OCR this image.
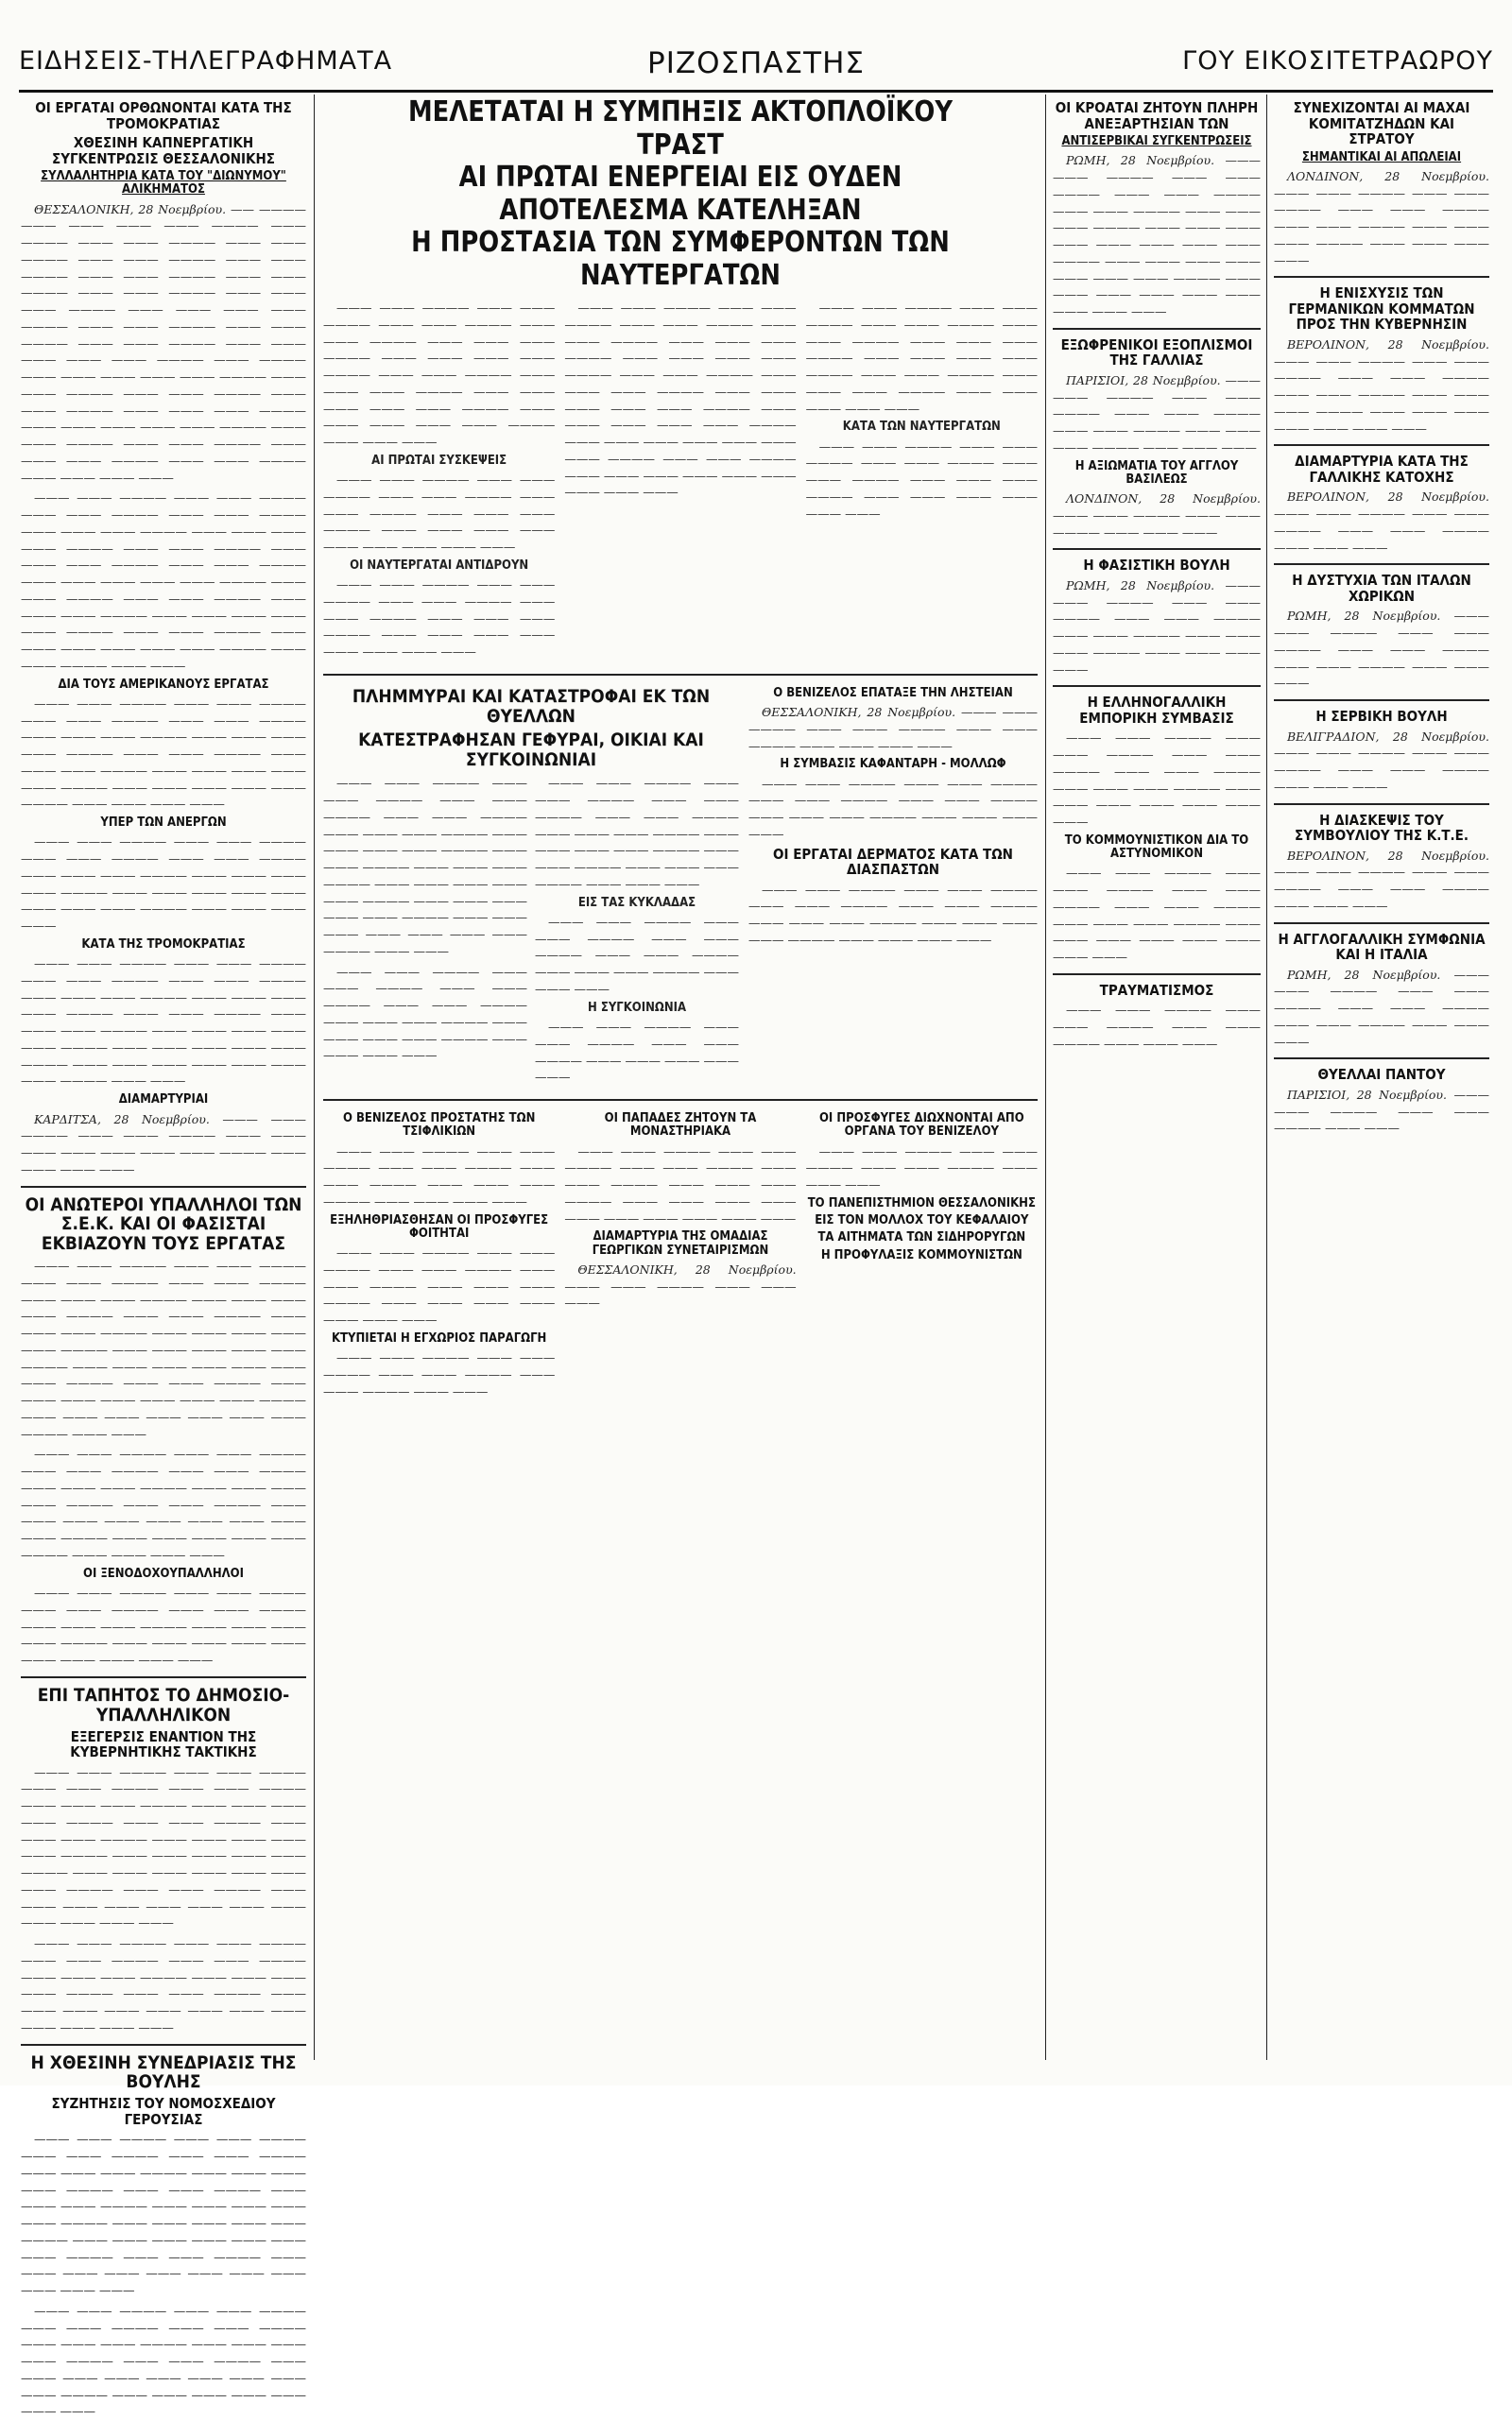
ΕΙΔΗΣΕΙΣ-ΤΗΛΕΓΡΑΦΗΜΑΤΑ	ΡΙΖΟΣΠΑΣΤΗΣ	ΓΟΥ ΕΙΚΟΣΙΤΕΤΡΑΩΡΟΥ
ΟΙ ΕΡΓΑΤΑΙ ΟΡΘΩΝΟΝΤΑΙ ΚΑΤΑ ΤΗΣ ΤΡΟΜΟΚΡΑΤΙΑΣ
ΧΘΕΣΙΝΗ ΚΑΠΝΕΡΓΑΤΙΚΗ ΣΥΓΚΕΝΤΡΩΣΙΣ ΘΕΣΣΑΛΟΝΙΚΗΣ
ΣΥΛΛΑΛΗΤΗΡΙΑ ΚΑΤΑ ΤΟΥ "ΔΙΩΝΥΜΟΥ" ΑΛΙΚΗΜΑΤΟΣ

ΘΕΣΣΑΛΟΝΙΚΗ, 28 Νοεμβρίου. —— ———— ——— ——— ——— ——— ———— ——— ———— ——— ——— ———— ——— ——— ———— ——— ——— ———— ——— ——— ———— ——— ——— ———— ——— ——— ———— ——— ——— ———— ——— ——— ——— ———— ——— ——— ——— ——— ———— ——— ——— ———— ——— ——— ———— ——— ——— ———— ——— ——— ——— ——— ——— ———— ——— ———— ——— ——— ——— ——— ——— ———— ——— ——— ———— ——— ——— ———— ——— ——— ———— ——— ——— ——— ———— ——— ——— ——— ——— ——— ———— ——— ——— ———— ——— ——— ———— ——— ——— ——— ———— ——— ——— ———— ——— ——— ——— ———

——— ——— ———— ——— ——— ———— ——— ——— ———— ——— ——— ———— ——— ——— ——— ———— ——— ——— ——— ——— ———— ——— ——— ———— ——— ——— ——— ———— ——— ——— ———— ——— ——— ——— ——— ——— ———— ——— ——— ———— ——— ——— ———— ——— ——— ——— ———— ——— ——— ——— ——— ——— ———— ——— ——— ———— ——— ——— ——— ——— ——— ——— ———— ——— ——— ———— ——— ———

ΔΙΑ ΤΟΥΣ ΑΜΕΡΙΚΑΝΟΥΣ ΕΡΓΑΤΑΣ

——— ——— ———— ——— ——— ———— ——— ——— ———— ——— ——— ———— ——— ——— ——— ———— ——— ——— ——— ——— ———— ——— ——— ———— ——— ——— ——— ———— ——— ——— ——— ——— ——— ———— ——— ——— ——— ——— ——— ———— ——— ——— ——— ———

ΥΠΕΡ ΤΩΝ ΑΝΕΡΓΩΝ

——— ——— ———— ——— ——— ———— ——— ——— ———— ——— ——— ———— ——— ——— ——— ———— ——— ——— ——— ——— ———— ——— ——— ——— ——— ——— ——— ——— ——— ———— ——— ——— ——— ———

ΚΑΤΑ ΤΗΣ ΤΡΟΜΟΚΡΑΤΙΑΣ

——— ——— ———— ——— ——— ———— ——— ——— ———— ——— ——— ———— ——— ——— ——— ———— ——— ——— ——— ——— ———— ——— ——— ———— ——— ——— ——— ———— ——— ——— ——— ——— ——— ———— ——— ——— ——— ——— ——— ———— ——— ——— ——— ——— ——— ——— ——— ———— ——— ———

ΔΙΑΜΑΡΤΥΡΙΑΙ

ΚΑΡΔΙΤΣΑ, 28 Νοεμβρίου. ——— ——— ———— ——— ——— ———— ——— ——— ——— ——— ——— ——— ——— ———— ——— ——— ——— ———

ΟΙ ΑΝΩΤΕΡΟΙ ΥΠΑΛΛΗΛΟΙ ΤΩΝ Σ.Ε.Κ. ΚΑΙ ΟΙ ΦΑΣΙΣΤΑΙ ΕΚΒΙΑΖΟΥΝ ΤΟΥΣ ΕΡΓΑΤΑΣ

——— ——— ———— ——— ——— ———— ——— ——— ———— ——— ——— ———— ——— ——— ——— ———— ——— ——— ——— ——— ———— ——— ——— ———— ——— ——— ——— ———— ——— ——— ——— ——— ——— ———— ——— ——— ——— ——— ——— ———— ——— ——— ——— ——— ——— ——— ——— ———— ——— ——— ———— ——— ——— ——— ——— ——— ——— ——— ———— ——— ——— ——— ——— ——— ——— ——— ———— ——— ———

——— ——— ———— ——— ——— ———— ——— ——— ———— ——— ——— ———— ——— ——— ——— ———— ——— ——— ——— ——— ———— ——— ——— ———— ——— ——— ——— ——— ——— ——— ——— ——— ——— ———— ——— ——— ——— ——— ——— ———— ——— ——— ——— ———

ΟΙ ΞΕΝΟΔΟΧΟΥΠΑΛΛΗΛΟΙ

——— ——— ———— ——— ——— ———— ——— ——— ———— ——— ——— ———— ——— ——— ——— ———— ——— ——— ——— ——— ———— ——— ——— ——— ——— ——— ——— ——— ——— ——— ———

ΕΠΙ ΤΑΠΗΤΟΣ ΤΟ ΔΗΜΟΣΙΟ-ΥΠΑΛΛΗΛΙΚΟΝ
ΕΞΕΓΕΡΣΙΣ ΕΝΑΝΤΙΟΝ ΤΗΣ ΚΥΒΕΡΝΗΤΙΚΗΣ ΤΑΚΤΙΚΗΣ

——— ——— ———— ——— ——— ———— ——— ——— ———— ——— ——— ———— ——— ——— ——— ———— ——— ——— ——— ——— ———— ——— ——— ———— ——— ——— ——— ———— ——— ——— ——— ——— ——— ———— ——— ——— ——— ——— ——— ———— ——— ——— ——— ——— ——— ——— ——— ———— ——— ——— ———— ——— ——— ——— ——— ——— ——— ——— ——— ——— ——— ——— ———

——— ——— ———— ——— ——— ———— ——— ——— ———— ——— ——— ———— ——— ——— ——— ———— ——— ——— ——— ——— ———— ——— ——— ———— ——— ——— ——— ——— ——— ——— ——— ——— ——— ——— ——— ———

Η ΧΘΕΣΙΝΗ ΣΥΝΕΔΡΙΑΣΙΣ ΤΗΣ ΒΟΥΛΗΣ
ΣΥΖΗΤΗΣΙΣ ΤΟΥ ΝΟΜΟΣΧΕΔΙΟΥ ΓΕΡΟΥΣΙΑΣ

——— ——— ———— ——— ——— ———— ——— ——— ———— ——— ——— ———— ——— ——— ——— ———— ——— ——— ——— ——— ———— ——— ——— ———— ——— ——— ——— ———— ——— ——— ——— ——— ——— ———— ——— ——— ——— ——— ——— ———— ——— ——— ——— ——— ——— ——— ——— ———— ——— ——— ———— ——— ——— ——— ——— ——— ——— ——— ——— ——— ——— ———

——— ——— ———— ——— ——— ———— ——— ——— ———— ——— ——— ———— ——— ——— ——— ———— ——— ——— ——— ——— ———— ——— ——— ———— ——— ——— ——— ——— ——— ——— ——— ——— ——— ———— ——— ——— ——— ——— ——— ——— ———

ΜΕΛΕΤΑΤΑΙ Η ΣΥΜΠΗΞΙΣ ΑΚΤΟΠΛΟΪΚΟΥ ΤΡΑΣΤ
ΑΙ ΠΡΩΤΑΙ ΕΝΕΡΓΕΙΑΙ ΕΙΣ ΟΥΔΕΝ ΑΠΟΤΕΛΕΣΜΑ ΚΑΤΕΛΗΞΑΝ
Η ΠΡΟΣΤΑΣΙΑ ΤΩΝ ΣΥΜΦΕΡΟΝΤΩΝ ΤΩΝ ΝΑΥΤΕΡΓΑΤΩΝ

——— ——— ———— ——— ——— ———— ——— ——— ———— ——— ——— ———— ——— ——— ——— ———— ——— ——— ——— ——— ———— ——— ——— ———— ——— ——— ——— ———— ——— ——— ——— ——— ——— ———— ——— ——— ——— ——— ——— ———— ——— ——— ———

ΑΙ ΠΡΩΤΑΙ ΣΥΣΚΕΨΕΙΣ

——— ——— ———— ——— ——— ———— ——— ——— ———— ——— ——— ———— ——— ——— ——— ———— ——— ——— ——— ——— ——— ——— ——— ——— ———

ΟΙ ΝΑΥΤΕΡΓΑΤΑΙ ΑΝΤΙΔΡΟΥΝ

——— ——— ———— ——— ——— ———— ——— ——— ———— ——— ——— ———— ——— ——— ——— ———— ——— ——— ——— ——— ——— ——— ——— ———

——— ——— ———— ——— ——— ———— ——— ——— ———— ——— ——— ———— ——— ——— ——— ———— ——— ——— ——— ——— ———— ——— ——— ———— ——— ——— ——— ———— ——— ——— ——— ——— ——— ———— ——— ——— ——— ——— ——— ———— ——— ——— ——— ——— ——— ——— ——— ———— ——— ——— ———— ——— ——— ——— ——— ——— ——— ——— ——— ———

——— ——— ———— ——— ——— ———— ——— ——— ———— ——— ——— ———— ——— ——— ——— ———— ——— ——— ——— ——— ———— ——— ——— ———— ——— ——— ——— ———— ——— ——— ——— ——— ———

ΚΑΤΑ ΤΩΝ ΝΑΥΤΕΡΓΑΤΩΝ

——— ——— ———— ——— ——— ———— ——— ——— ———— ——— ——— ———— ——— ——— ——— ———— ——— ——— ——— ——— ——— ———

ΠΛΗΜΜΥΡΑΙ ΚΑΙ ΚΑΤΑΣΤΡΟΦΑΙ ΕΚ ΤΩΝ ΘΥΕΛΛΩΝ
ΚΑΤΕΣΤΡΑΦΗΣΑΝ ΓΕΦΥΡΑΙ, ΟΙΚΙΑΙ ΚΑΙ ΣΥΓΚΟΙΝΩΝΙΑΙ

——— ——— ———— ——— ——— ———— ——— ——— ———— ——— ——— ———— ——— ——— ——— ———— ——— ——— ——— ——— ———— ——— ——— ———— ——— ——— ——— ———— ——— ——— ——— ——— ——— ———— ——— ——— ——— ——— ——— ———— ——— ——— ——— ——— ——— ——— ——— ———— ——— ———

——— ——— ———— ——— ——— ———— ——— ——— ———— ——— ——— ———— ——— ——— ——— ———— ——— ——— ——— ——— ———— ——— ——— ——— ———

——— ——— ———— ——— ——— ———— ——— ——— ———— ——— ——— ———— ——— ——— ——— ———— ——— ——— ——— ——— ———— ——— ——— ———— ——— ——— ——— ———— ——— ——— ———

ΕΙΣ ΤΑΣ ΚΥΚΛΑΔΑΣ

——— ——— ———— ——— ——— ———— ——— ——— ———— ——— ——— ———— ——— ——— ——— ———— ——— ——— ———

Η ΣΥΓΚΟΙΝΩΝΙΑ

——— ——— ———— ——— ——— ———— ——— ——— ———— ——— ——— ——— ——— ———

Ο ΒΕΝΙΖΕΛΟΣ ΕΠΑΤΑΞΕ ΤΗΝ ΛΗΣΤΕΙΑΝ

ΘΕΣΣΑΛΟΝΙΚΗ, 28 Νοεμβρίου. ——— ——— ———— ——— ——— ———— ——— ——— ———— ——— ——— ——— ———

Η ΣΥΜΒΑΣΙΣ ΚΑΦΑΝΤΑΡΗ - ΜΟΛΛΩΦ

——— ——— ———— ——— ——— ———— ——— ——— ———— ——— ——— ———— ——— ——— ——— ———— ——— ——— ——— ———

ΟΙ ΕΡΓΑΤΑΙ ΔΕΡΜΑΤΟΣ ΚΑΤΑ ΤΩΝ ΔΙΑΣΠΑΣΤΩΝ

——— ——— ———— ——— ——— ———— ——— ——— ———— ——— ——— ———— ——— ——— ——— ———— ——— ——— ——— ——— ———— ——— ——— ——— ———

Ο ΒΕΝΙΖΕΛΟΣ ΠΡΟΣΤΑΤΗΣ ΤΩΝ ΤΣΙΦΛΙΚΙΩΝ

——— ——— ———— ——— ——— ———— ——— ——— ———— ——— ——— ———— ——— ——— ——— ———— ——— ——— ——— ———

ΕΞΗΛΗΘΡΙΑΣΘΗΣΑΝ ΟΙ ΠΡΟΣΦΥΓΕΣ ΦΟΙΤΗΤΑΙ

——— ——— ———— ——— ——— ———— ——— ——— ———— ——— ——— ———— ——— ——— ——— ———— ——— ——— ——— ——— ——— ——— ———

ΚΤΥΠΙΕΤΑΙ Η ΕΓΧΩΡΙΟΣ ΠΑΡΑΓΩΓΗ

——— ——— ———— ——— ——— ———— ——— ——— ———— ——— ——— ———— ——— ———

ΟΙ ΠΑΠΑΔΕΣ ΖΗΤΟΥΝ ΤΑ ΜΟΝΑΣΤΗΡΙΑΚΑ

——— ——— ———— ——— ——— ———— ——— ——— ———— ——— ——— ———— ——— ——— ——— ———— ——— ——— ——— ——— ——— ——— ——— ——— ——— ———

ΔΙΑΜΑΡΤΥΡΙΑ ΤΗΣ ΟΜΑΔΙΑΣ ΓΕΩΡΓΙΚΩΝ ΣΥΝΕΤΑΙΡΙΣΜΩΝ

ΘΕΣΣΑΛΟΝΙΚΗ, 28 Νοεμβρίου. ——— ——— ———— ——— ——— ———

ΟΙ ΠΡΟΣΦΥΓΕΣ ΔΙΩΧΝΟΝΤΑΙ ΑΠΟ ΟΡΓΑΝΑ ΤΟΥ ΒΕΝΙΖΕΛΟΥ

——— ——— ———— ——— ——— ———— ——— ——— ———— ——— ——— ———

ΤΟ ΠΑΝΕΠΙΣΤΗΜΙΟΝ ΘΕΣΣΑΛΟΝΙΚΗΣ
ΕΙΣ ΤΟΝ ΜΟΛΛΟΧ ΤΟΥ ΚΕΦΑΛΑΙΟΥ
ΤΑ ΑΙΤΗΜΑΤΑ ΤΩΝ ΣΙΔΗΡΟΡΥΓΩΝ
Η ΠΡΟΦΥΛΑΞΙΣ ΚΟΜΜΟΥΝΙΣΤΩΝ
ΟΙ ΚΡΟΑΤΑΙ ΖΗΤΟΥΝ ΠΛΗΡΗ ΑΝΕΞΑΡΤΗΣΙΑΝ ΤΩΝ
ΑΝΤΙΣΕΡΒΙΚΑΙ ΣΥΓΚΕΝΤΡΩΣΕΙΣ

ΡΩΜΗ, 28 Νοεμβρίου. ——— ——— ———— ——— ——— ———— ——— ——— ———— ——— ——— ———— ——— ——— ——— ———— ——— ——— ——— ——— ——— ——— ——— ——— ———— ——— ——— ——— ——— ——— ——— ——— ———— ——— ——— ——— ——— ——— ——— ——— ——— ———

ΕΞΩΦΡΕΝΙΚΟΙ ΕΞΟΠΛΙΣΜΟΙ ΤΗΣ ΓΑΛΛΙΑΣ

ΠΑΡΙΣΙΟΙ, 28 Νοεμβρίου. ——— ——— ———— ——— ——— ———— ——— ——— ———— ——— ——— ———— ——— ——— ——— ———— ——— ——— ———

Η ΑΞΙΩΜΑΤΙΑ ΤΟΥ ΑΓΓΛΟΥ ΒΑΣΙΛΕΩΣ

ΛΟΝΔΙΝΟΝ, 28 Νοεμβρίου. ——— ——— ———— ——— ——— ———— ——— ——— ———

Η ΦΑΣΙΣΤΙΚΗ ΒΟΥΛΗ

ΡΩΜΗ, 28 Νοεμβρίου. ——— ——— ———— ——— ——— ———— ——— ——— ———— ——— ——— ———— ——— ——— ——— ———— ——— ——— ——— ———

Η ΕΛΛΗΝΟΓΑΛΛΙΚΗ ΕΜΠΟΡΙΚΗ ΣΥΜΒΑΣΙΣ

——— ——— ———— ——— ——— ———— ——— ——— ———— ——— ——— ———— ——— ——— ——— ———— ——— ——— ——— ——— ——— ——— ———

ΤΟ ΚΟΜΜΟΥΝΙΣΤΙΚΟΝ ΔΙΑ ΤΟ ΑΣΤΥΝΟΜΙΚΟΝ

——— ——— ———— ——— ——— ———— ——— ——— ———— ——— ——— ———— ——— ——— ——— ———— ——— ——— ——— ——— ——— ——— ——— ———

ΤΡΑΥΜΑΤΙΣΜΟΣ

——— ——— ———— ——— ——— ———— ——— ——— ———— ——— ——— ———

ΣΥΝΕΧΙΖΟΝΤΑΙ ΑΙ ΜΑΧΑΙ ΚΟΜΙΤΑΤΖΗΔΩΝ ΚΑΙ ΣΤΡΑΤΟΥ
ΣΗΜΑΝΤΙΚΑΙ ΑΙ ΑΠΩΛΕΙΑΙ

ΛΟΝΔΙΝΟΝ, 28 Νοεμβρίου. ——— ——— ———— ——— ——— ———— ——— ——— ———— ——— ——— ———— ——— ——— ——— ———— ——— ——— ——— ———

Η ΕΝΙΣΧΥΣΙΣ ΤΩΝ ΓΕΡΜΑΝΙΚΩΝ ΚΟΜΜΑΤΩΝ ΠΡΟΣ ΤΗΝ ΚΥΒΕΡΝΗΣΙΝ

ΒΕΡΟΛΙΝΟΝ, 28 Νοεμβρίου. ——— ——— ———— ——— ——— ———— ——— ——— ———— ——— ——— ———— ——— ——— ——— ———— ——— ——— ——— ——— ——— ——— ———

ΔΙΑΜΑΡΤΥΡΙΑ ΚΑΤΑ ΤΗΣ ΓΑΛΛΙΚΗΣ ΚΑΤΟΧΗΣ

ΒΕΡΟΛΙΝΟΝ, 28 Νοεμβρίου. ——— ——— ———— ——— ——— ———— ——— ——— ———— ——— ——— ———

Η ΔΥΣΤΥΧΙΑ ΤΩΝ ΙΤΑΛΩΝ ΧΩΡΙΚΩΝ

ΡΩΜΗ, 28 Νοεμβρίου. ——— ——— ———— ——— ——— ———— ——— ——— ———— ——— ——— ———— ——— ——— ———

Η ΣΕΡΒΙΚΗ ΒΟΥΛΗ

ΒΕΛΙΓΡΑΔΙΟΝ, 28 Νοεμβρίου. ——— ——— ———— ——— ——— ———— ——— ——— ———— ——— ——— ———

Η ΔΙΑΣΚΕΨΙΣ ΤΟΥ ΣΥΜΒΟΥΛΙΟΥ ΤΗΣ Κ.Τ.Ε.

ΒΕΡΟΛΙΝΟΝ, 28 Νοεμβρίου. ——— ——— ———— ——— ——— ———— ——— ——— ———— ——— ——— ———

Η ΑΓΓΛΟΓΑΛΛΙΚΗ ΣΥΜΦΩΝΙΑ ΚΑΙ Η ΙΤΑΛΙΑ

ΡΩΜΗ, 28 Νοεμβρίου. ——— ——— ———— ——— ——— ———— ——— ——— ———— ——— ——— ———— ——— ——— ———

ΘΥΕΛΛΑΙ ΠΑΝΤΟΥ

ΠΑΡΙΣΙΟΙ, 28 Νοεμβρίου. ——— ——— ———— ——— ——— ———— ——— ———
